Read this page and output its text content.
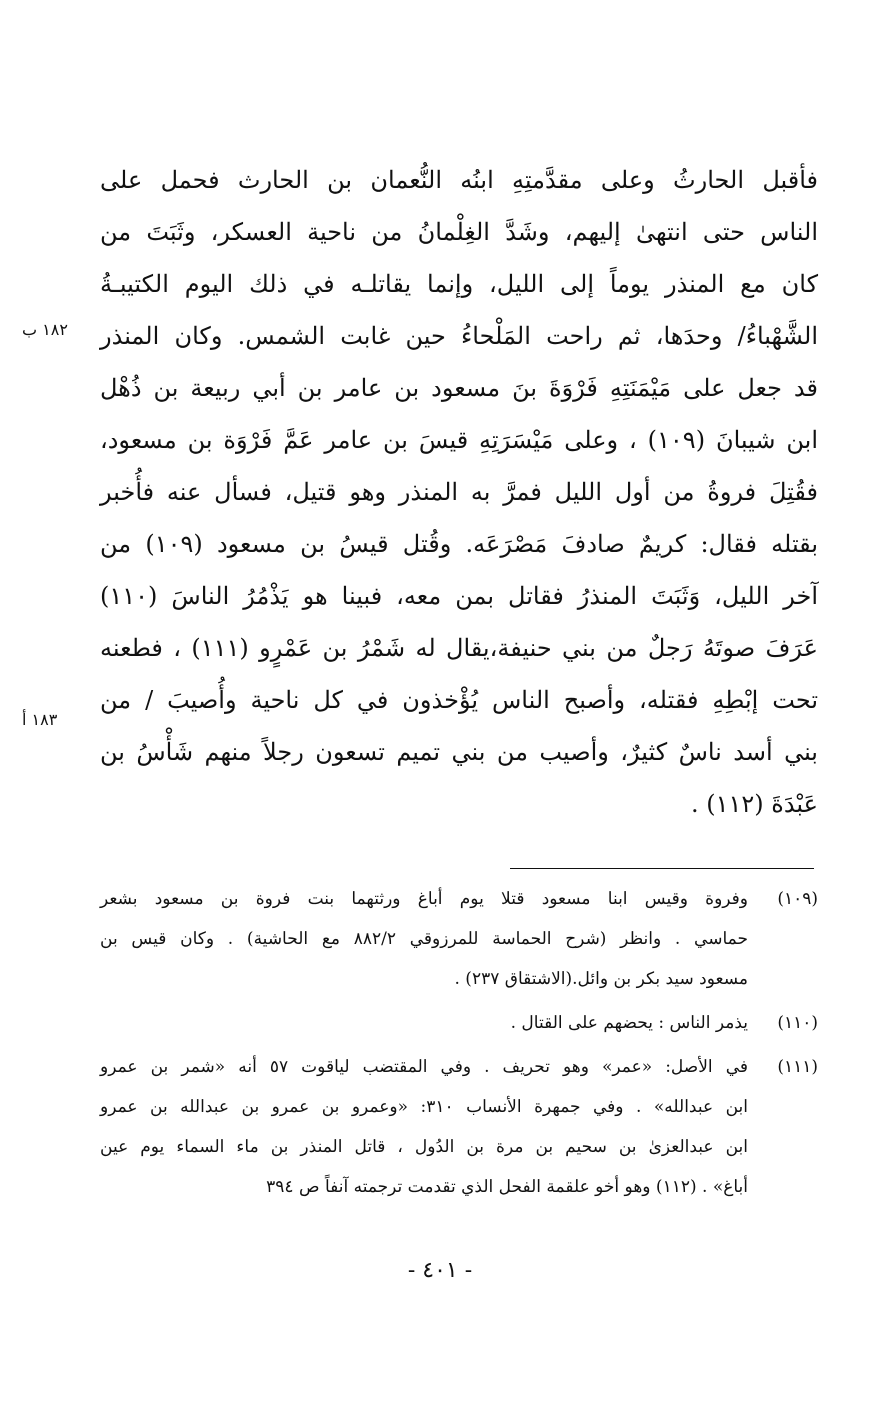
فأقبل الحارثُ وعلى مقدَّمتِهِ ابنُه النُّعمان بن الحارث فحمل على
الناس حتى انتهىٰ إليهم، وشَدَّ الغِلْمانُ من ناحية العسكر، وثَبَتَ من
كان مع المنذر يوماً إلى الليل، وإنما يقاتلـه في ذلك اليوم الكتيبـةُ
الشَّهْباءُ/ وحدَها، ثم راحت المَلْحاءُ حين غابت الشمس. وكان المنذر
قد جعل على مَيْمَنَتِهِ فَرْوَةَ بنَ مسعود بن عامر بن أبي ربيعة بن ذُهْل
ابن شيبانَ (١٠٩) ، وعلى مَيْسَرَتِهِ قيسَ بن عامر عَمَّ فَرْوَة بن مسعود،
فقُتِلَ فروةُ من أول الليل فمرَّ به المنذر وهو قتيل، فسأل عنه فأُخبر
بقتله فقال: كريمٌ صادفَ مَصْرَعَه. وقُتل قيسُ بن مسعود (١٠٩) من
آخر الليل، وَثَبَتَ المنذرُ فقاتل بمن معه، فبينا هو يَذْمُرُ الناسَ (١١٠)
عَرَفَ صوتَهُ رَجلٌ من بني حنيفة،يقال له شَمْرُ بن عَمْرٍو (١١١) ، فطعنه
تحت إبْطِهِ فقتله، وأصبح الناس يُؤْخذون في كل ناحية وأُصيبَ / من
بني أسد ناسٌ كثيرٌ، وأصيب من بني تميم تسعون رجلاً منهم شَأْسُ بن
عَبْدَةَ (١١٢) .
١٨٢ ب
١٨٣ أ
(١٠٩)
وفروة وقيس ابنا مسعود قتلا يوم أباغ ورثتهما بنت فروة بن مسعود بشعر
حماسي . وانظر (شرح الحماسة للمرزوقي ٨٨٢/٢ مع الحاشية) . وكان قيس بن
مسعود سيد بكر بن وائل.(الاشتقاق ٢٣٧) .
(١١٠)
يذمر الناس : يحضهم على القتال .
(١١١)
في الأصل: «عمر» وهو تحريف . وفي المقتضب لياقوت ٥٧ أنه «شمر بن عمرو
ابن عبدالله» . وفي جمهرة الأنساب ٣١٠: «وعمرو بن عمرو بن عبدالله بن عمرو
ابن عبدالعزىٰ بن سحيم بن مرة بن الدُول ، قاتل المنذر بن ماء السماء يوم عين
أباغ» . (١١٢) وهو أخو علقمة الفحل الذي تقدمت ترجمته آنفاً ص ٣٩٤
- ٤٠١ -
